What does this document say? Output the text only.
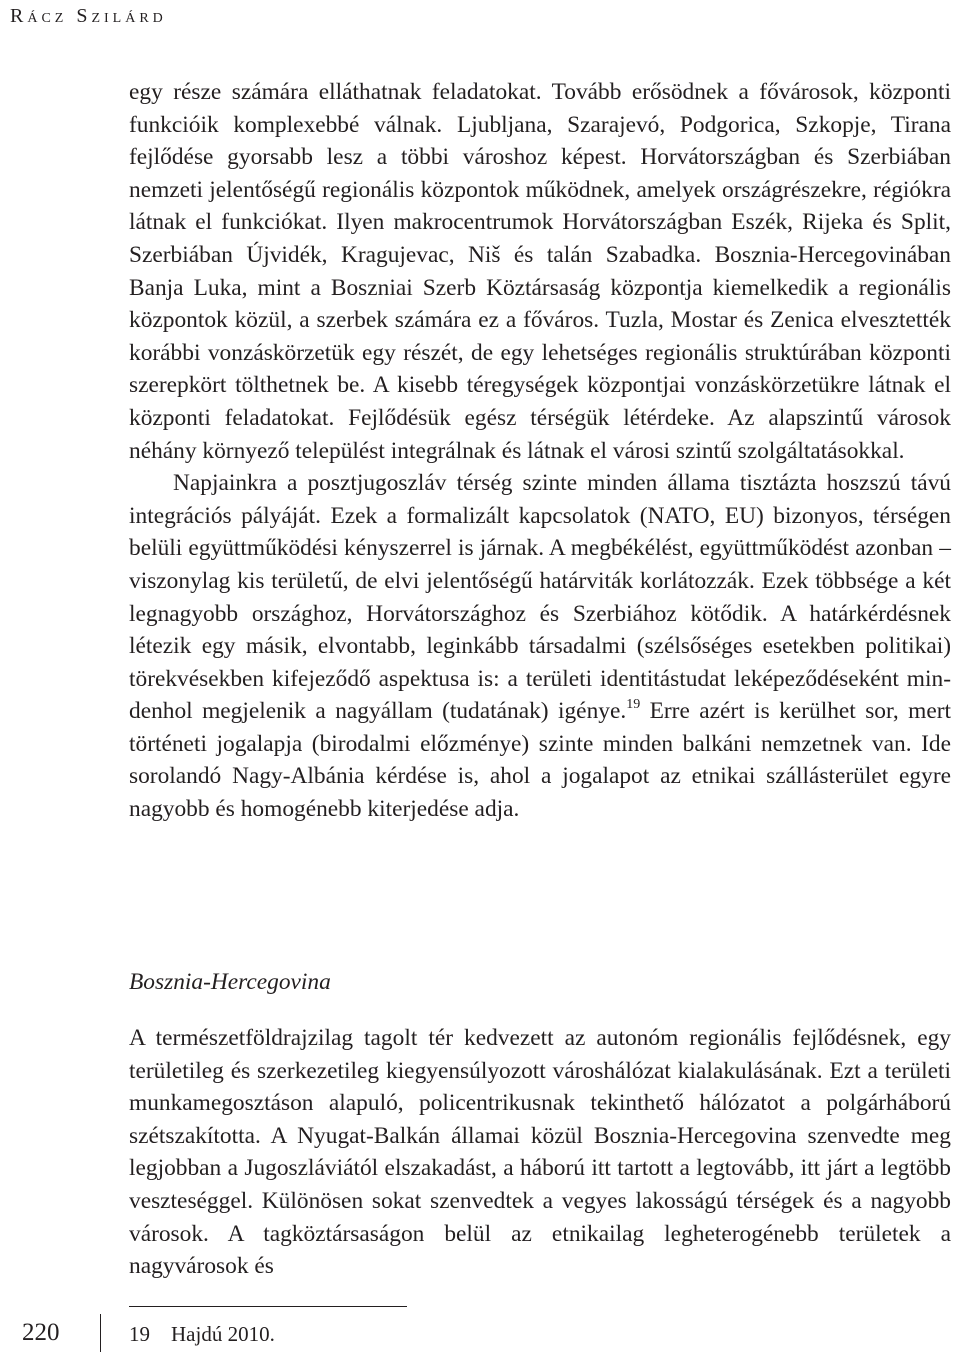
Rácz Szilárd

egy része számára elláthatnak feladatokat. Tovább erősödnek a fővárosok, központi funkcióik komplexebbé válnak. Ljubljana, Szarajevó, Podgorica, Szkopje, Tirana fejlődése gyorsabb lesz a többi városhoz képest. Horvátországban és Szerbiában nemzeti jelentőségű regionális központok működnek, amelyek országrészekre, régiókra látnak el funkciókat. Ilyen makrocentrumok Horvátországban Eszék, Rijeka és Split, Szerbiában Újvidék, Kragujevac, Niš és talán Szabadka. Bosznia-Hercegovinában Banja Luka, mint a Boszniai Szerb Köztársaság központja kiemelkedik a regionális központok közül, a szerbek számára ez a főváros. Tuzla, Mostar és Zenica elvesztették korábbi vonzáskörzetük egy részét, de egy lehetséges regionális struktúrában központi szerepkört tölthetnek be. A kisebb téregységek központjai vonzáskörzetükre látnak el központi feladatokat. Fejlődésük egész térségük létérdeke. Az alapszintű városok néhány környező települést integrálnak és látnak el városi szintű szolgáltatásokkal.

Napjainkra a posztjugoszláv térség szinte minden állama tisztázta hoszszú távú integrációs pályáját. Ezek a formalizált kapcsolatok (NATO, EU) bizonyos, térségen belüli együttműködési kényszerrel is járnak. A megbékélést, együttműködést azonban – viszonylag kis területű, de elvi jelentőségű határviták korlátozzák. Ezek többsége a két legnagyobb országhoz, Horvátországhoz és Szerbiához kötődik. A határkérdésnek létezik egy másik, elvontabb, leginkább társadalmi (szélsőséges esetekben politikai) törekvésekben kifejeződő aspektusa is: a területi identitástudat leképeződéseként mindenhol megjelenik a nagyállam (tudatának) igénye.$^{19}$ Erre azért is kerülhet sor, mert történeti jogalapja (birodalmi előzménye) szinte minden balkáni nemzetnek van. Ide sorolandó Nagy-Albánia kérdése is, ahol a jogalapot az etnikai szállásterület egyre nagyobb és homogénebb kiterjedése adja.

Bosznia-Hercegovina

A természetföldrajzilag tagolt tér kedvezett az autonóm regionális fejlődésnek, egy területileg és szerkezetileg kiegyensúlyozott városhálózat kialakulásának. Ezt a területi munkamegosztáson alapuló, policentrikusnak tekinthető hálózatot a polgárháború szétszakította. A Nyugat-Balkán államai közül Bosznia-Hercegovina szenvedte meg legjobban a Jugoszláviától elszakadást, a háború itt tartott a legtovább, itt járt a legtöbb veszteséggel. Különösen sokat szenvedtek a vegyes lakosságú térségek és a nagyobb városok. A tagköztársaságon belül az etnikailag legheterogénebb területek a nagyvárosok és

220	19 Hajdú 2010.
